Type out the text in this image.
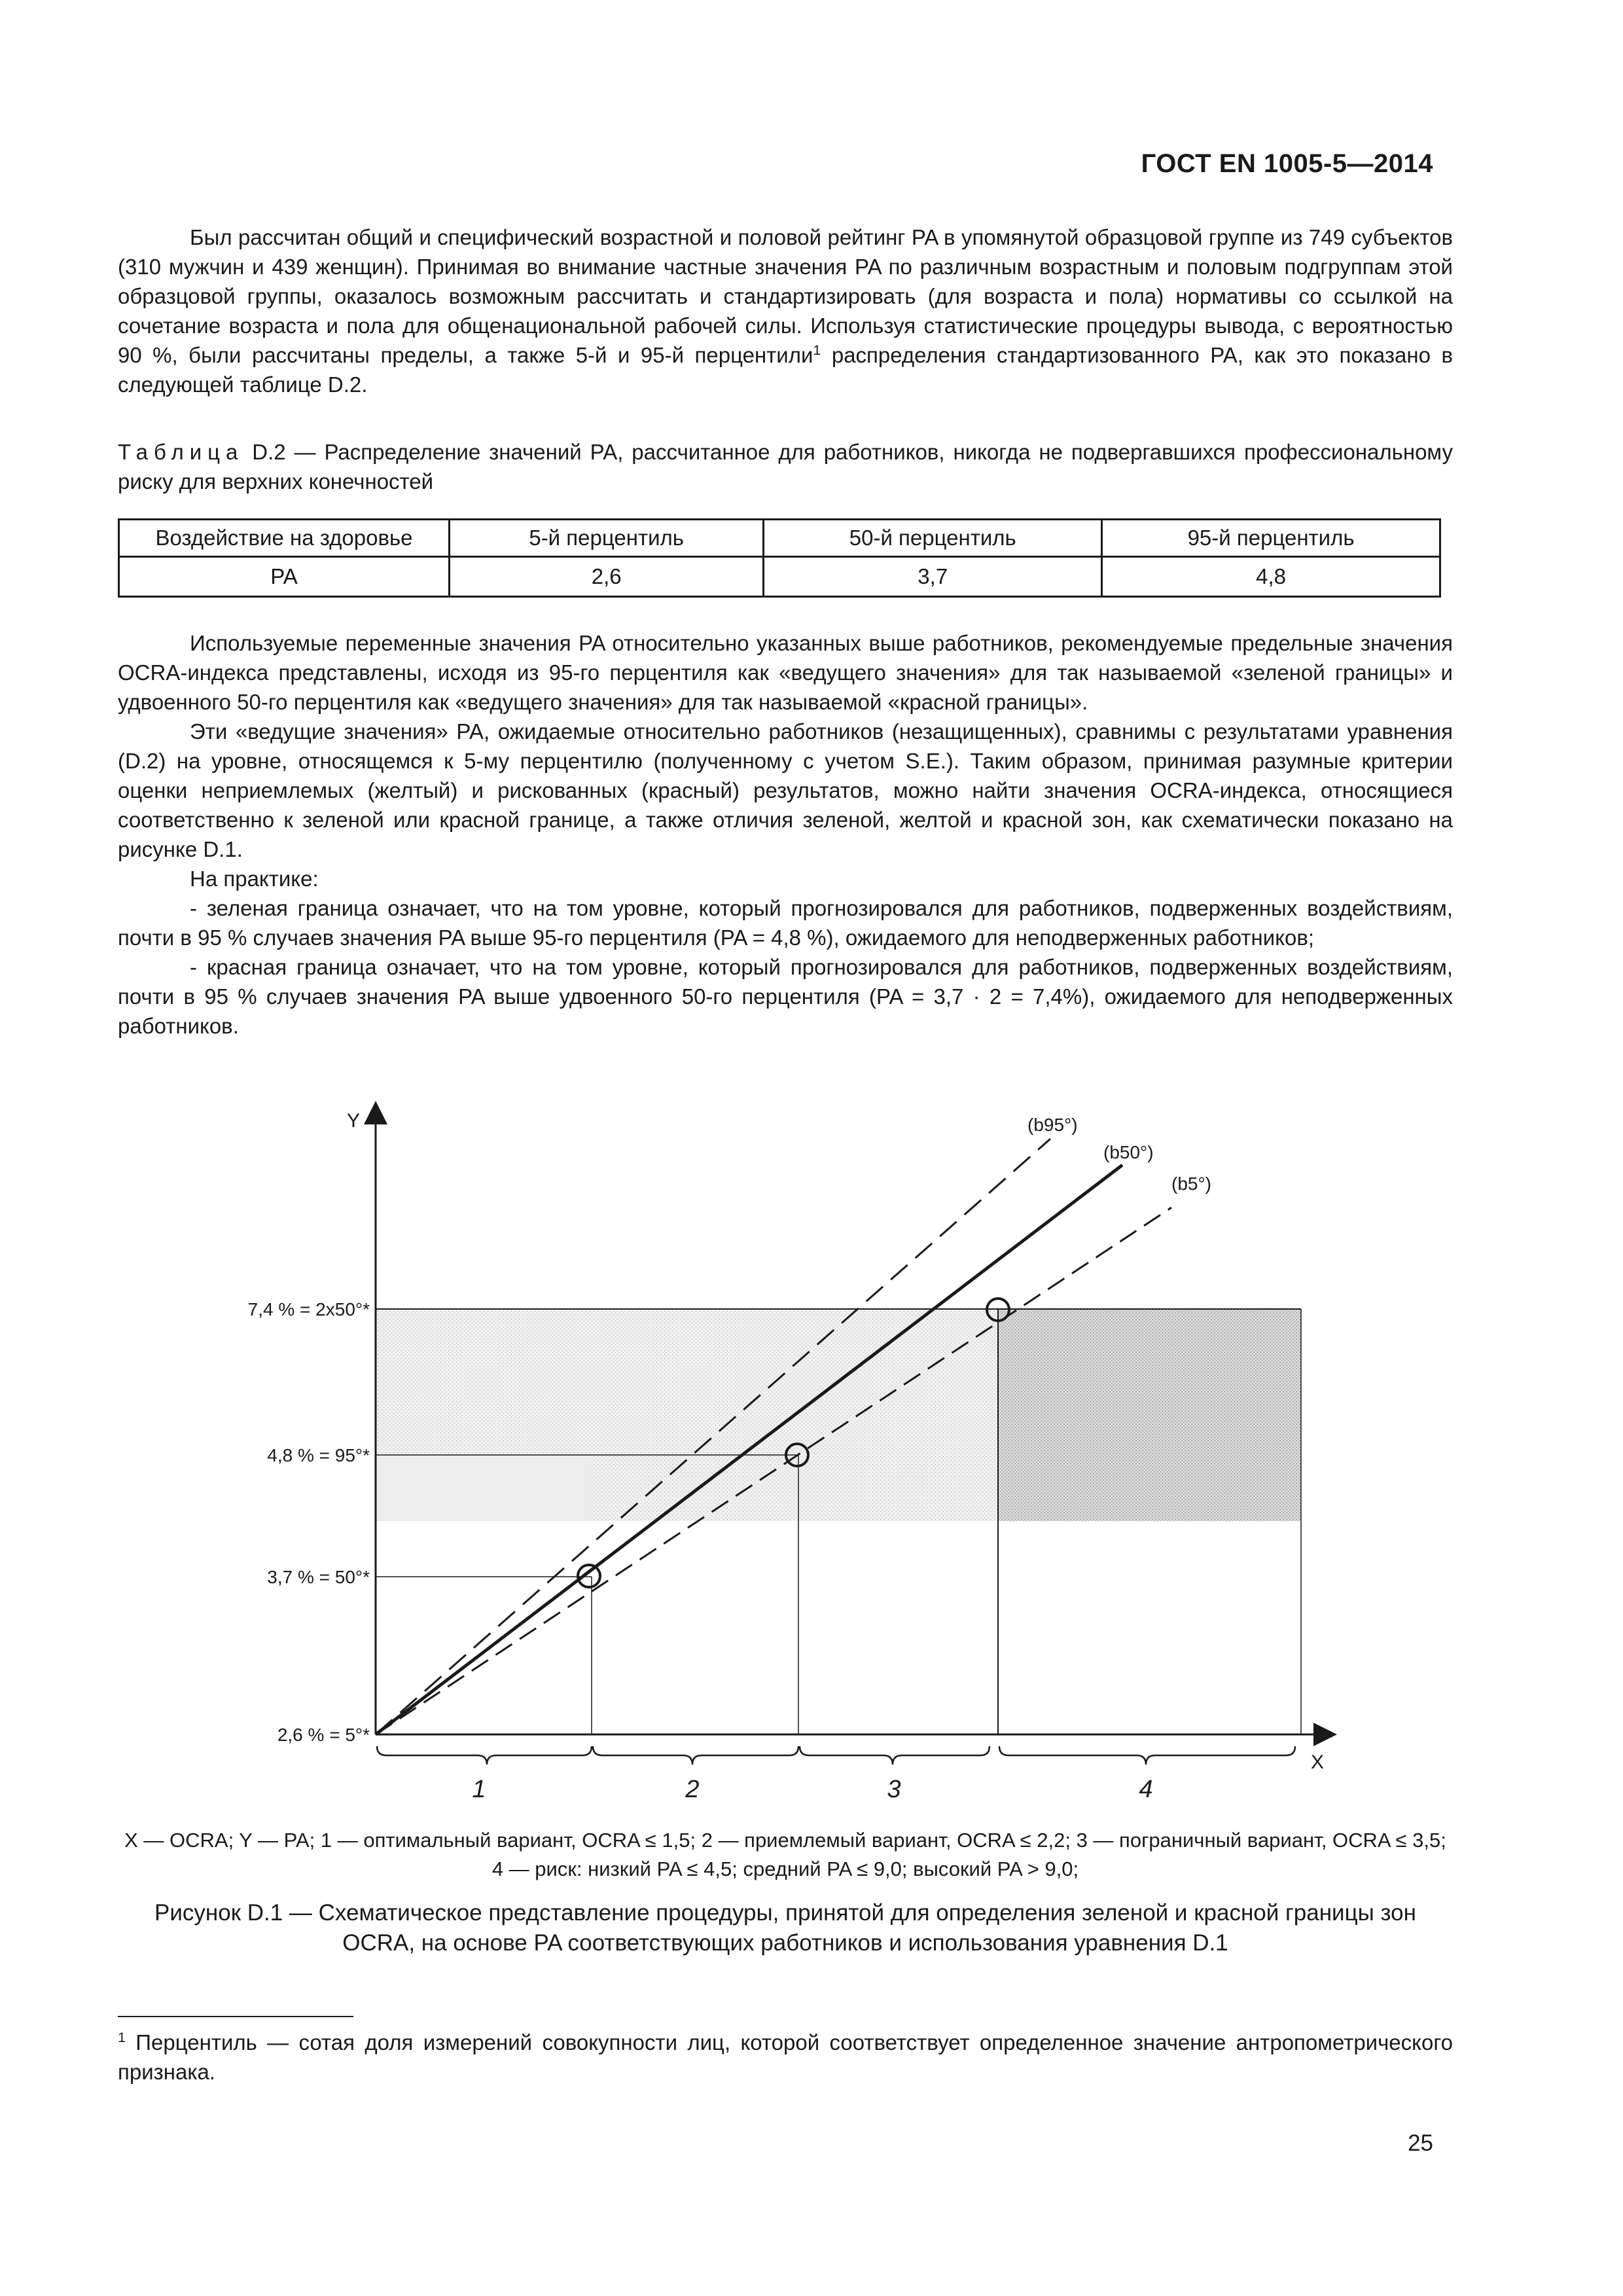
ГОСТ EN 1005-5—2014

Был рассчитан общий и специфический возрастной и половой рейтинг PA в упомянутой образцовой группе из 749 субъектов (310 мужчин и 439 женщин). Принимая во внимание частные значения PA по различным возрастным и половым подгруппам этой образцовой группы, оказалось возможным рассчитать и стандартизировать (для возраста и пола) нормативы со ссылкой на сочетание возраста и пола для общенациональной рабочей силы. Используя статистические процедуры вывода, с вероятностью 90 %, были рассчитаны пределы, а также 5-й и 95-й перцентили$^1$ распределения стандартизованного PA, как это показано в следующей таблице D.2.

Таблица D.2 — Распределение значений PA, рассчитанное для работников, никогда не подвергавшихся профессиональному риску для верхних конечностей
Воздействие на здоровье	5-й перцентиль	50-й перцентиль	95-й перцентиль
PA	2,6	3,7	4,8

Используемые переменные значения PA относительно указанных выше работников, рекомендуемые предельные значения OCRA-индекса представлены, исходя из 95-го перцентиля как «ведущего значения» для так называемой «зеленой границы» и удвоенного 50-го перцентиля как «ведущего значения» для так называемой «красной границы».

Эти «ведущие значения» PA, ожидаемые относительно работников (незащищенных), сравнимы с результатами уравнения (D.2) на уровне, относящемся к 5-му перцентилю (полученному с учетом S.E.). Таким образом, принимая разумные критерии оценки неприемлемых (желтый) и рискованных (красный) результатов, можно найти значения OCRA-индекса, относящиеся соответственно к зеленой или красной границе, а также отличия зеленой, желтой и красной зон, как схематически показано на рисунке D.1.

На практике:

- зеленая граница означает, что на том уровне, который прогнозировался для работников, подверженных воздействиям, почти в 95 % случаев значения PA выше 95-го перцентиля (PA = 4,8 %), ожидаемого для неподверженных работников;

- красная граница означает, что на том уровне, который прогнозировался для работников, подверженных воздействиям, почти в 95 % случаев значения PA выше удвоенного 50-го перцентиля (PA = 3,7 · 2 = 7,4%), ожидаемого для неподверженных работников.

Y
X
7,4 % = 2x50°*
4,8 % = 95°*
3,7 % = 50°*
2,6 % = 5°*
(b95°)
(b50°)
(b5°)
1	2	3	4
X — OCRA; Y — PA; 1 — оптимальный вариант, OCRA ≤ 1,5; 2 — приемлемый вариант, OCRA ≤ 2,2; 3 — пограничный вариант, OCRA ≤ 3,5; 4 — риск: низкий PA ≤ 4,5; средний PA ≤ 9,0; высокий PA > 9,0;
Рисунок D.1 — Схематическое представление процедуры, принятой для определения зеленой и красной границы зон OCRA, на основе PA соответствующих работников и использования уравнения D.1
$^1$ Перцентиль — сотая доля измерений совокупности лиц, которой соответствует определенное значение антропометрического признака.
25
